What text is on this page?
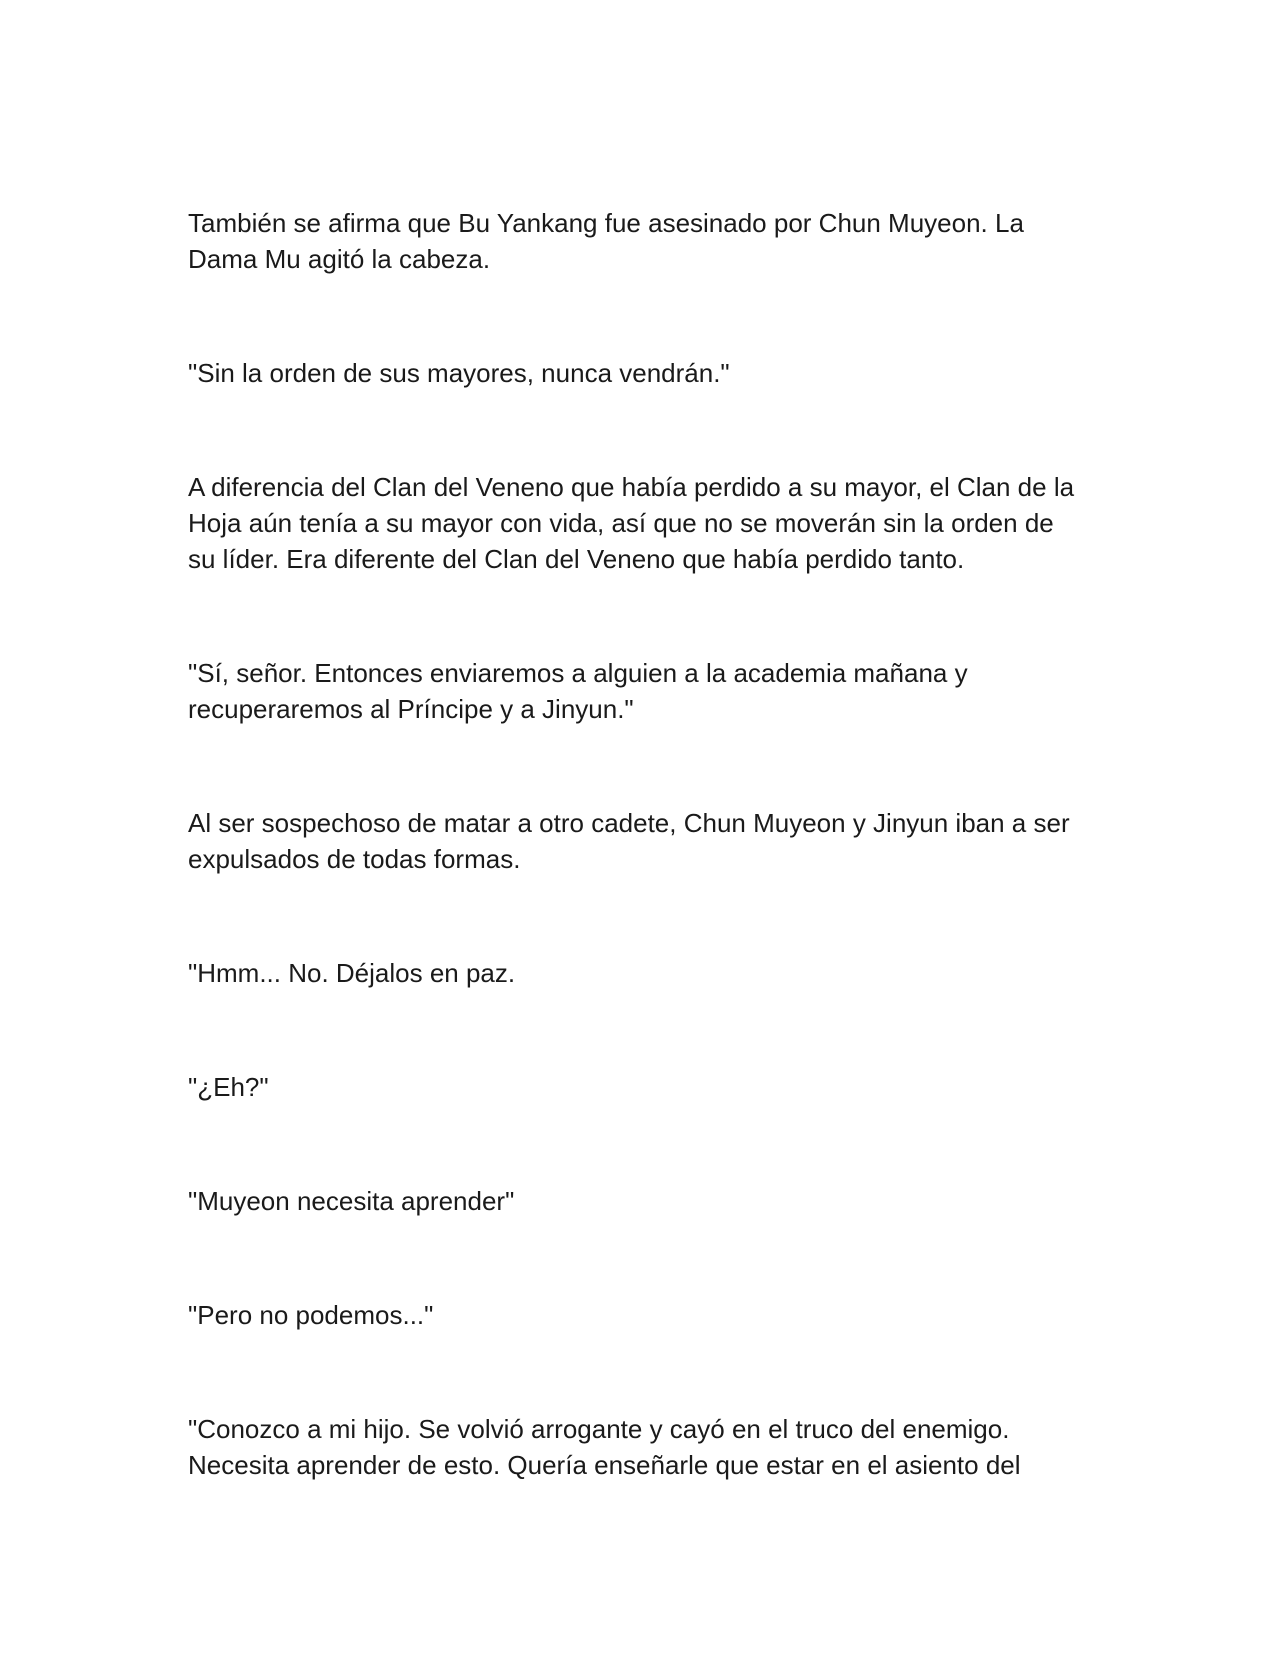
También se afirma que Bu Yankang fue asesinado por Chun Muyeon. La Dama Mu agitó la cabeza.

"Sin la orden de sus mayores, nunca vendrán."

A diferencia del Clan del Veneno que había perdido a su mayor, el Clan de la Hoja aún tenía a su mayor con vida, así que no se moverán sin la orden de su líder. Era diferente del Clan del Veneno que había perdido tanto.

"Sí, señor. Entonces enviaremos a alguien a la academia mañana y recuperaremos al Príncipe y a Jinyun."

Al ser sospechoso de matar a otro cadete, Chun Muyeon y Jinyun iban a ser expulsados de todas formas.

"Hmm... No. Déjalos en paz.

"¿Eh?"

"Muyeon necesita aprender"

"Pero no podemos..."

"Conozco a mi hijo. Se volvió arrogante y cayó en el truco del enemigo. Necesita aprender de esto. Quería enseñarle que estar en el asiento del
